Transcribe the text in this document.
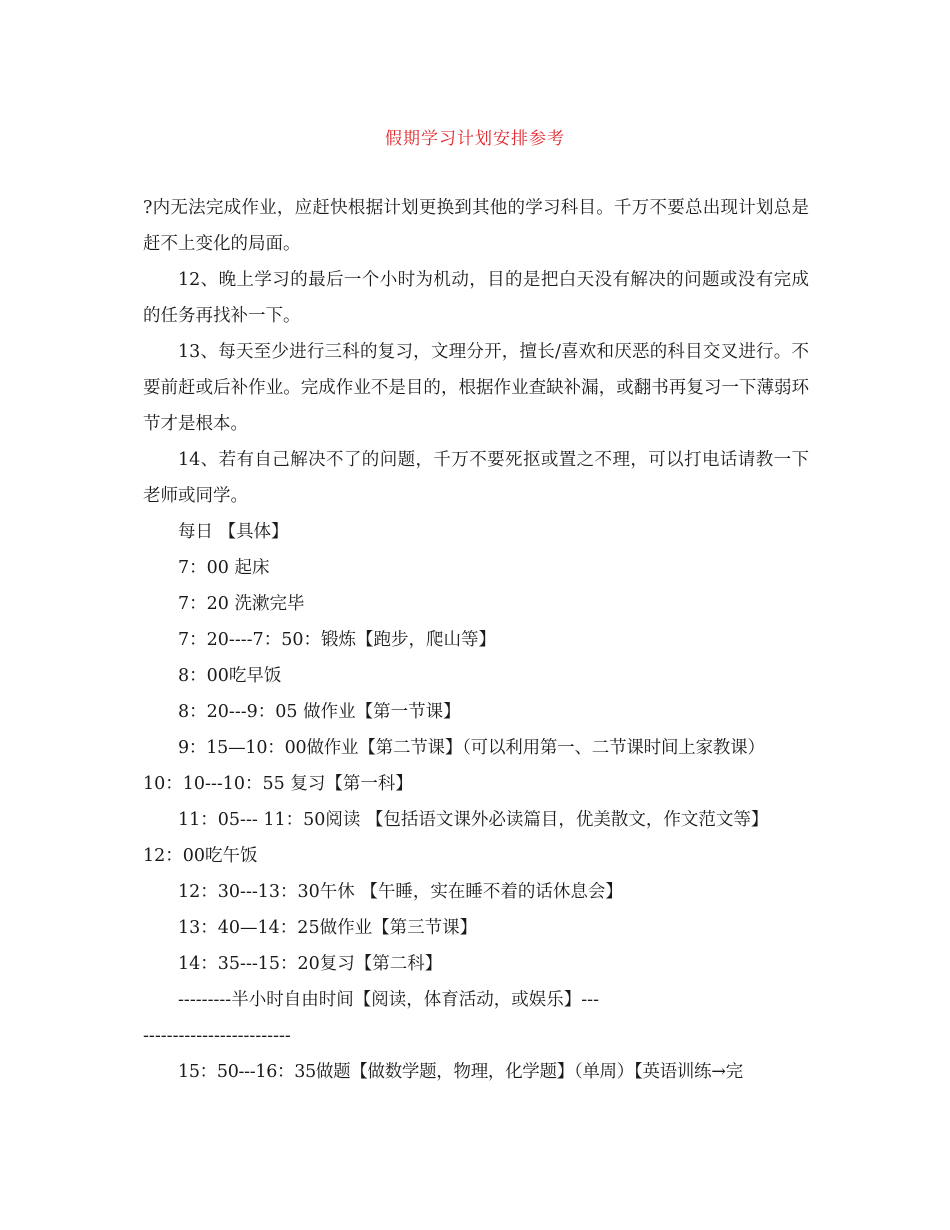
假期学习计划安排参考

?内无法完成作业，应赶快根据计划更换到其他的学习科目。千万不要总出现计划总是赶不上变化的局面。

12、晚上学习的最后一个小时为机动，目的是把白天没有解决的问题或没有完成的任务再找补一下。

13、每天至少进行三科的复习，文理分开，擅长/喜欢和厌恶的科目交叉进行。不要前赶或后补作业。完成作业不是目的，根据作业查缺补漏，或翻书再复习一下薄弱环节才是根本。

14、若有自己解决不了的问题，千万不要死抠或置之不理，可以打电话请教一下老师或同学。

每日 【具体】

7：00 起床

7：20 洗漱完毕

7：20----7：50：锻炼【跑步，爬山等】

8：00吃早饭

8：20---9：05 做作业【第一节课】

9：15—10：00做作业【第二节课】（可以利用第一、二节课时间上家教课）

10：10---10：55 复习【第一科】

11：05--- 11：50阅读 【包括语文课外必读篇目，优美散文，作文范文等】

12：00吃午饭

12：30---13：30午休 【午睡，实在睡不着的话休息会】

13：40—14：25做作业【第三节课】

14：35---15：20复习【第二科】

---------半小时自由时间【阅读，体育活动，或娱乐】----------------------------

15：50---16：35做题【做数学题，物理，化学题】（单周）【英语训练→完
